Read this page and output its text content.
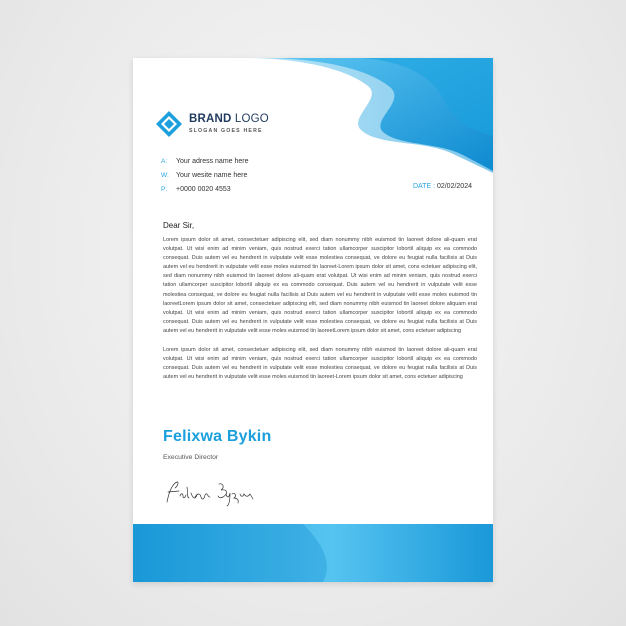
BRAND LOGO
SLOGAN GOES HERE
A:	Your adress name here
W:	Your wesite name here
P:	+0000 0020 4553	DATE : 02/02/2024
Dear Sir,

Lorem ipsum dolor sit amet, consectetuer adipiscing elit, sed diam nonummy nibh euismod tin laoreet dolore ali-quam erat volutpat. Ut wisi enim ad minim veniam, quis nostrud exerci tation ullamcorper suscipitor lobortil aliquip ex ea commodo consequat. Duis autem vel eu hendrerit in vulputate velit esse molestiea consequat, ve dolore eu feugiat nulla facilisis at Duis autem vel eu hendrerit in vulputate velit esse moles euismod tin laoreet-Lorem ipsum dolor sit amet, cons ectetuer adipiscing elit, sed diam nonummy nibh euismod tin laoreet dolore ali-quam erat volutpat. Ut wisi enim ad minim veniam, quis nostrud exerci tation ullamcorper suscipitor lobortil aliquip ex ea commodo consequat. Duis autem vel eu hendrerit in vulputate velit esse molestiea consequat, ve dolore eu feugiat nulla facilisis at Duis autem vel eu hendrerit in vulputate velit esse moles euismod tin laoreetLorem ipsum dolor sit amet, consectetuer adipiscing elit, sed diam nonummy nibh euismod tin laoreet dolore aliquam erat volutpat. Ut wisi enim ad minim veniam, quis nostrud exerci tation ullamcorper suscipitor lobortil aliquip ex ea commodo consequat. Duis autem vel eu hendrerit in vulputate velit esse molestiea consequat, ve dolore eu feugiat nulla facilisis at Duis autem vel eu hendrerit in vulputate velit esse moles euismod tin laoreetLorem ipsum dolor sit amet, cons ectetuer adipiscing

Lorem ipsum dolor sit amet, consectetuer adipiscing elit, sed diam nonummy nibh euismod tin laoreet dolore ali-quam erat volutpat. Ut wisi enim ad minim veniam, quis nostrud exerci tation ullamcorper suscipitor lobortil aliquip ex ea commodo consequat. Duis autem vel eu hendrerit in vulputate velit esse molestiea consequat, ve dolore eu feugiat nulla facilisis at Duis autem vel eu hendrerit in vulputate velit esse moles euismod tin laoreet-Lorem ipsum dolor sit amet, cons ectetuer adipiscing

Felixwa Bykin
Executive Director
